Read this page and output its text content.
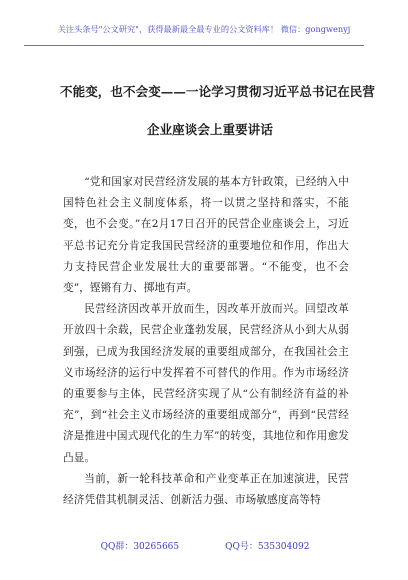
关注头条号"公文研究"，获得最新最全最专业的公文资料库！ 微信：gongwenyj
不能变，也不会变——一论学习贯彻习近平总书记在民营
企业座谈会上重要讲话

“党和国家对民营经济发展的基本方针政策，已经纳入中国特色社会主义制度体系，将一以贯之坚持和落实，不能变，也不会变。”在2月17日召开的民营企业座谈会上，习近平总书记充分肯定我国民营经济的重要地位和作用，作出大力支持民营企业发展壮大的重要部署。“不能变，也不会变”，铿锵有力、掷地有声。

民营经济因改革开放而生，因改革开放而兴。回望改革开放四十余载，民营企业蓬勃发展，民营经济从小到大从弱到强，已成为我国经济发展的重要组成部分，在我国社会主义市场经济的运行中发挥着不可替代的作用。作为市场经济的重要参与主体，民营经济实现了从“公有制经济有益的补充”，到“社会主义市场经济的重要组成部分”，再到“民营经济是推进中国式现代化的生力军”的转变，其地位和作用愈发凸显。

当前，新一轮科技革命和产业变革正在加速演进，民营经济凭借其机制灵活、创新活力强、市场敏感度高等特

QQ群：30265665	QQ号：535304092
